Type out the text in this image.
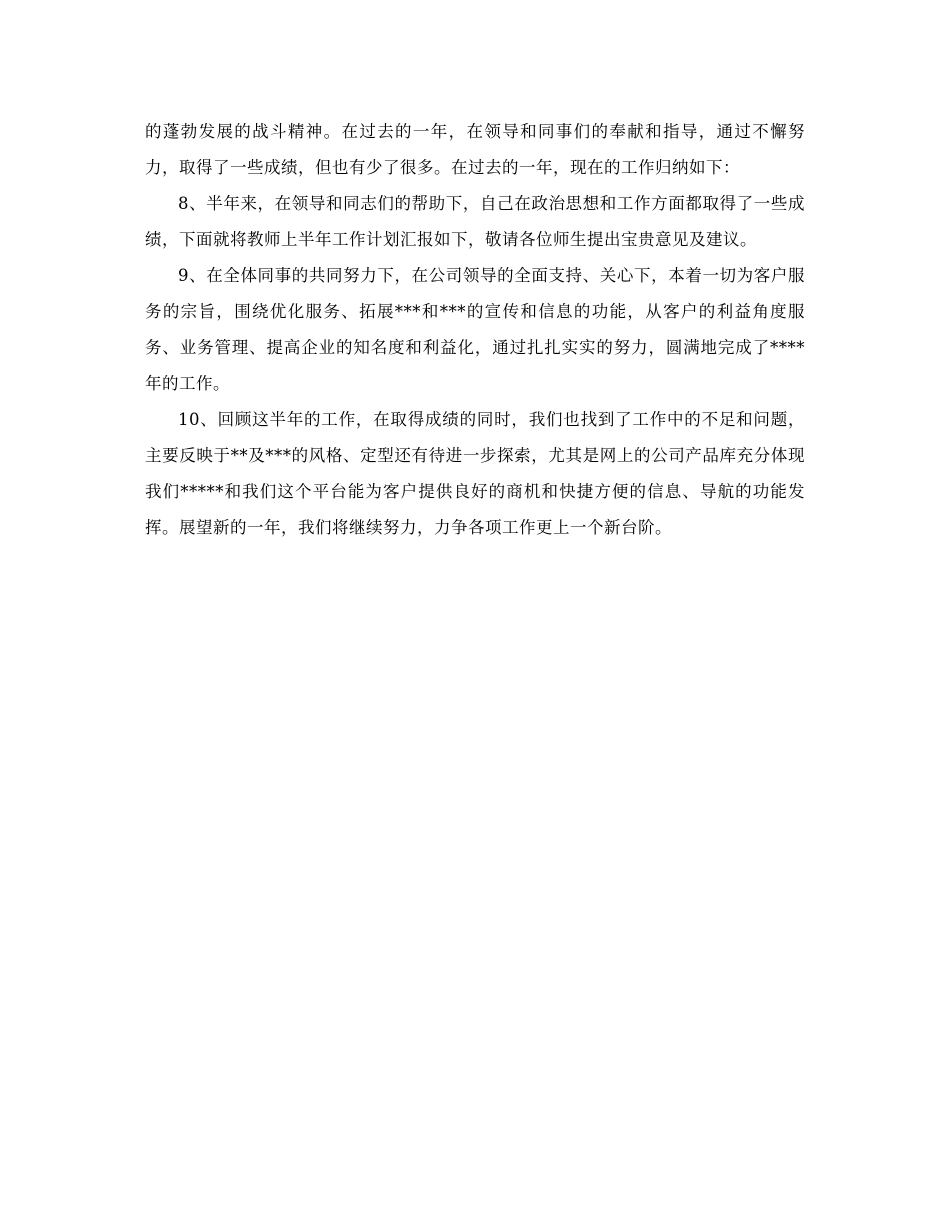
的蓬勃发展的战斗精神。在过去的一年，在领导和同事们的奉献和指导，通过不懈努力，取得了一些成绩，但也有少了很多。在过去的一年，现在的工作归纳如下：

8、半年来，在领导和同志们的帮助下，自己在政治思想和工作方面都取得了一些成绩，下面就将教师上半年工作计划汇报如下，敬请各位师生提出宝贵意见及建议。

9、在全体同事的共同努力下，在公司领导的全面支持、关心下，本着一切为客户服务的宗旨，围绕优化服务、拓展***和***的宣传和信息的功能，从客户的利益角度服务、业务管理、提高企业的知名度和利益化，通过扎扎实实的努力，圆满地完成了****年的工作。

10、回顾这半年的工作，在取得成绩的同时，我们也找到了工作中的不足和问题，主要反映于**及***的风格、定型还有待进一步探索，尤其是网上的公司产品库充分体现我们*****和我们这个平台能为客户提供良好的商机和快捷方便的信息、导航的功能发挥。展望新的一年，我们将继续努力，力争各项工作更上一个新台阶。
